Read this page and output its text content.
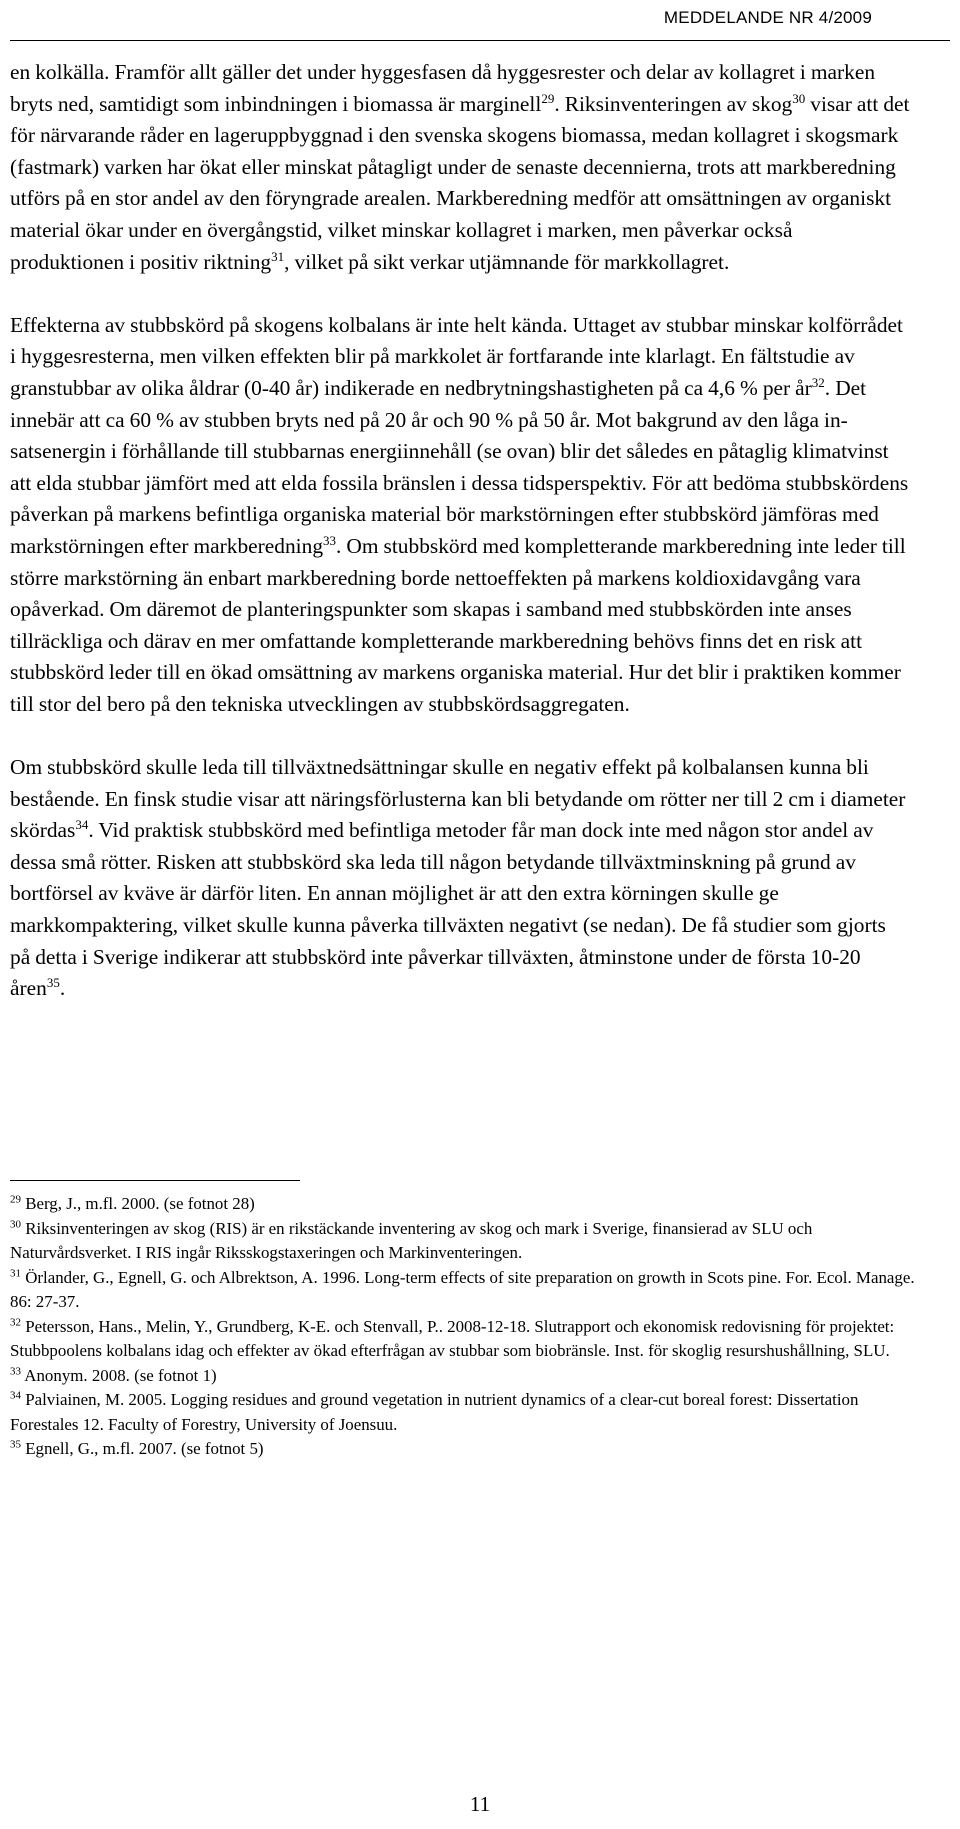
MEDDELANDE NR 4/2009

en kolkälla. Framför allt gäller det under hyggesfasen då hyggesrester och delar av kollagret i marken bryts ned, samtidigt som inbindningen i biomassa är marginell$^{29}$. Riksinventeringen av skog$^{30}$ visar att det för närvarande råder en lageruppbyggnad i den svenska skogens biomassa, medan kollagret i skogsmark (fastmark) varken har ökat eller minskat påtagligt under de senaste decennierna, trots att markberedning utförs på en stor andel av den föryngrade arealen. Markberedning medför att omsättningen av organiskt material ökar under en övergångstid, vilket minskar kollagret i marken, men påverkar också produktionen i positiv riktning$^{31}$, vilket på sikt verkar utjämnande för markkollagret.

Effekterna av stubbskörd på skogens kolbalans är inte helt kända. Uttaget av stubbar minskar kolförrådet i hyggesresterna, men vilken effekten blir på markkolet är fortfarande inte klarlagt. En fältstudie av granstubbar av olika åldrar (0-40 år) indikerade en nedbrytningshastigheten på ca 4,6 % per år$^{32}$. Det innebär att ca 60 % av stubben bryts ned på 20 år och 90 % på 50 år. Mot bakgrund av den låga insatsenergin i förhållande till stubbarnas energiinnehåll (se ovan) blir det således en påtaglig klimatvinst att elda stubbar jämfört med att elda fossila bränslen i dessa tidsperspektiv. För att bedöma stubbskördens påverkan på markens befintliga organiska material bör markstörningen efter stubbskörd jämföras med markstörningen efter markberedning$^{33}$. Om stubbskörd med kompletterande markberedning inte leder till större markstörning än enbart markberedning borde nettoeffekten på markens koldioxidavgång vara opåverkad. Om däremot de planteringspunkter som skapas i samband med stubbskörden inte anses tillräckliga och därav en mer omfattande kompletterande markberedning behövs finns det en risk att stubbskörd leder till en ökad omsättning av markens organiska material. Hur det blir i praktiken kommer till stor del bero på den tekniska utvecklingen av stubbskördsaggregaten.

Om stubbskörd skulle leda till tillväxtnedsättningar skulle en negativ effekt på kolbalansen kunna bli bestående. En finsk studie visar att näringsförlusterna kan bli betydande om rötter ner till 2 cm i diameter skördas$^{34}$. Vid praktisk stubbskörd med befintliga metoder får man dock inte med någon stor andel av dessa små rötter. Risken att stubbskörd ska leda till någon betydande tillväxtminskning på grund av bortförsel av kväve är därför liten. En annan möjlighet är att den extra körningen skulle ge markkompaktering, vilket skulle kunna påverka tillväxten negativt (se nedan). De få studier som gjorts på detta i Sverige indikerar att stubbskörd inte påverkar tillväxten, åtminstone under de första 10-20 åren$^{35}$.

$^{29}$ Berg, J., m.fl. 2000. (se fotnot 28)
$^{30}$ Riksinventeringen av skog (RIS) är en rikstäckande inventering av skog och mark i Sverige, finansierad av SLU och Naturvårdsverket. I RIS ingår Riksskogstaxeringen och Markinventeringen.
$^{31}$ Örlander, G., Egnell, G. och Albrektson, A. 1996. Long-term effects of site preparation on growth in Scots pine. For. Ecol. Manage. 86: 27-37.
$^{32}$ Petersson, Hans., Melin, Y., Grundberg, K-E. och Stenvall, P.. 2008-12-18. Slutrapport och ekonomisk redovisning för projektet: Stubbpoolens kolbalans idag och effekter av ökad efterfrågan av stubbar som biobränsle. Inst. för skoglig resurshushållning, SLU.
$^{33}$ Anonym. 2008. (se fotnot 1)
$^{34}$ Palviainen, M. 2005. Logging residues and ground vegetation in nutrient dynamics of a clear-cut boreal forest: Dissertation Forestales 12. Faculty of Forestry, University of Joensuu.
$^{35}$ Egnell, G., m.fl. 2007. (se fotnot 5)
11
